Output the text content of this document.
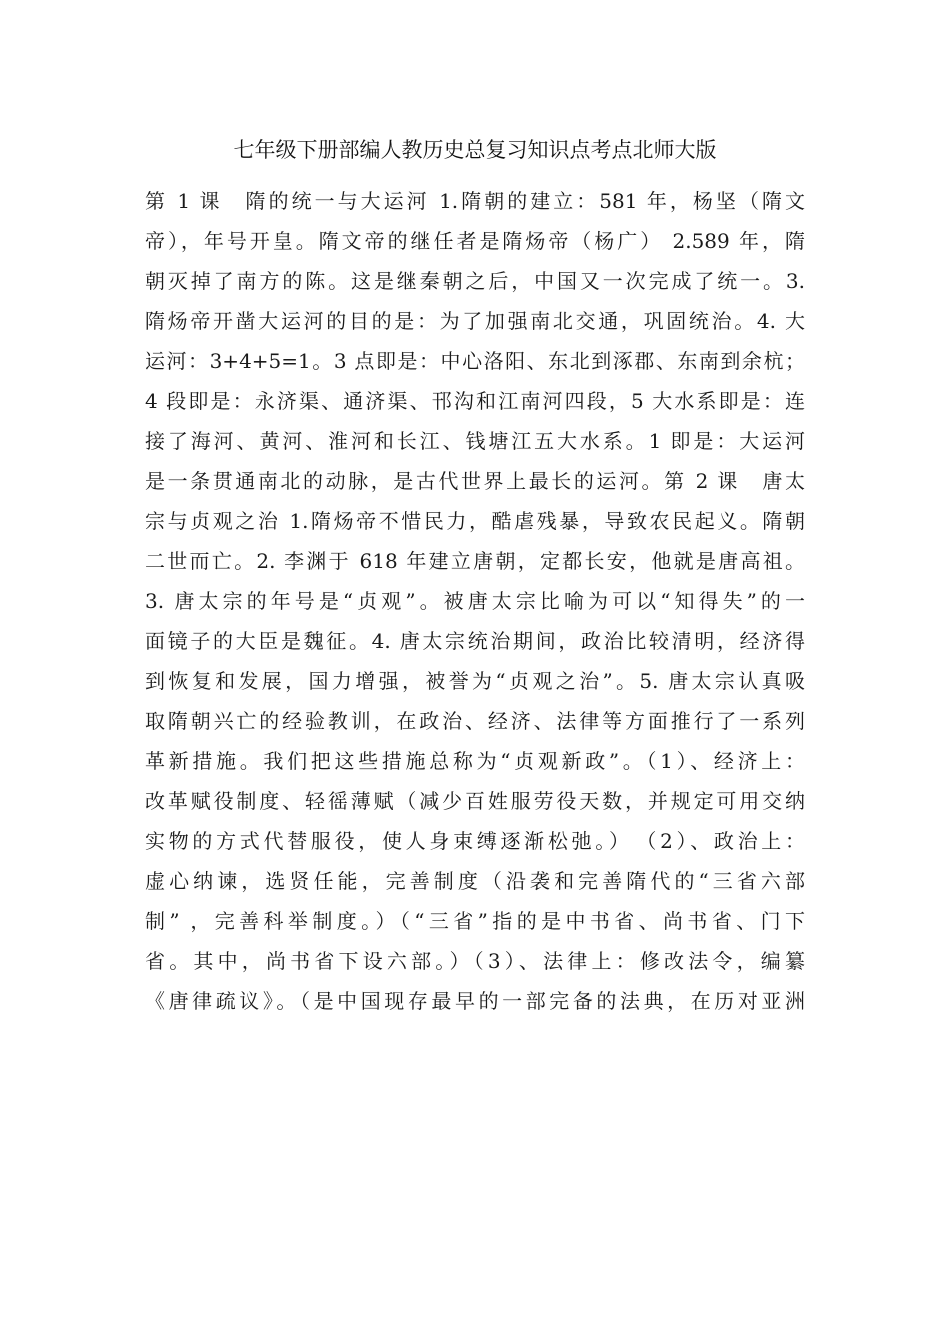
七年级下册部编人教历史总复习知识点考点北师大版
第 1 课　隋的统一与大运河 1.隋朝的建立：581 年，杨坚（隋文
帝），年号开皇。隋文帝的继任者是隋炀帝（杨广） 2.589 年，隋
朝灭掉了南方的陈。这是继秦朝之后，中国又一次完成了统一。3.
隋炀帝开凿大运河的目的是：为了加强南北交通，巩固统治。4. 大
运河：3+4+5=1。3 点即是：中心洛阳、东北到涿郡、东南到余杭；
4 段即是：永济渠、通济渠、邗沟和江南河四段，5 大水系即是：连
接了海河、黄河、淮河和长江、钱塘江五大水系。1 即是：大运河
是一条贯通南北的动脉，是古代世界上最长的运河。第 2 课　唐太
宗与贞观之治 1.隋炀帝不惜民力，酷虐残暴，导致农民起义。隋朝
二世而亡。2. 李渊于 618 年建立唐朝，定都长安，他就是唐高祖。
3. 唐太宗的年号是“贞观”。被唐太宗比喻为可以“知得失”的一
面镜子的大臣是魏征。4. 唐太宗统治期间，政治比较清明，经济得
到恢复和发展，国力增强，被誉为“贞观之治”。5. 唐太宗认真吸
取隋朝兴亡的经验教训，在政治、经济、法律等方面推行了一系列
革新措施。我们把这些措施总称为“贞观新政”。（1）、经济上：
改革赋役制度、轻徭薄赋（减少百姓服劳役天数，并规定可用交纳
实物的方式代替服役，使人身束缚逐渐松弛。）　（2）、政治上：
虚心纳谏，选贤任能，完善制度（沿袭和完善隋代的“三省六部
制” ，完善科举制度。）（“三省”指的是中书省、尚书省、门下
省。其中，尚书省下设六部。）（3）、法律上：修改法令，编纂
《唐律疏议》。（是中国现存最早的一部完备的法典，在历对亚洲
